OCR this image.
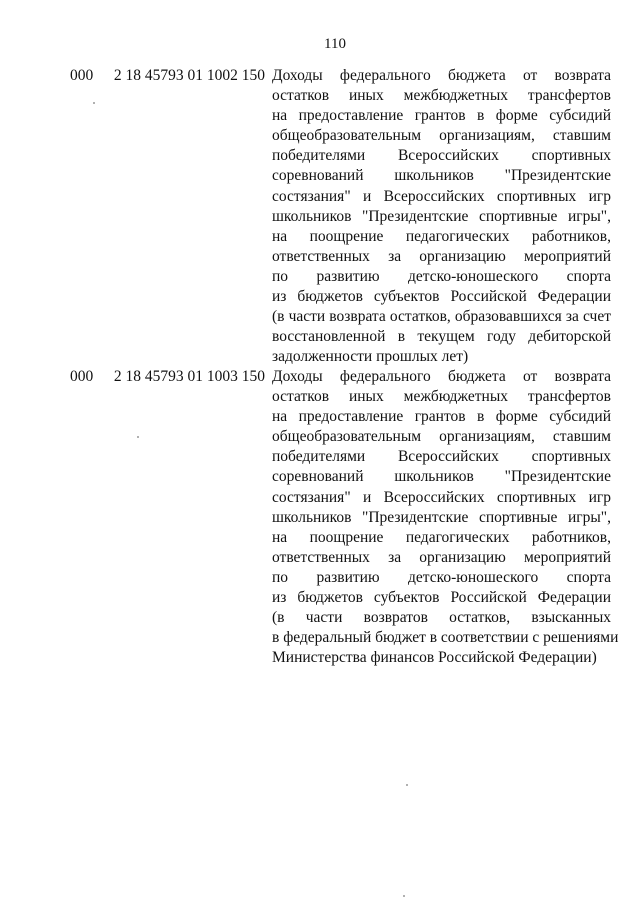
110
000 2 18 45793 01 1002 150 Доходы федерального бюджета от возврата
остатков иных межбюджетных трансфертов
на предоставление грантов в форме субсидий
общеобразовательным организациям, ставшим
победителями Всероссийских спортивных
соревнований школьников "Президентские
состязания" и Всероссийских спортивных игр
школьников "Президентские спортивные игры",
на поощрение педагогических работников,
ответственных за организацию мероприятий
по развитию детско-юношеского спорта
из бюджетов субъектов Российской Федерации
(в части возврата остатков, образовавшихся за счет
восстановленной в текущем году дебиторской
задолженности прошлых лет)
000 2 18 45793 01 1003 150 Доходы федерального бюджета от возврата
остатков иных межбюджетных трансфертов
на предоставление грантов в форме субсидий
общеобразовательным организациям, ставшим
победителями Всероссийских спортивных
соревнований школьников "Президентские
состязания" и Всероссийских спортивных игр
школьников "Президентские спортивные игры",
на поощрение педагогических работников,
ответственных за организацию мероприятий
по развитию детско-юношеского спорта
из бюджетов субъектов Российской Федерации
(в части возвратов остатков, взысканных
в федеральный бюджет в соответствии с решениями
Министерства финансов Российской Федерации)
